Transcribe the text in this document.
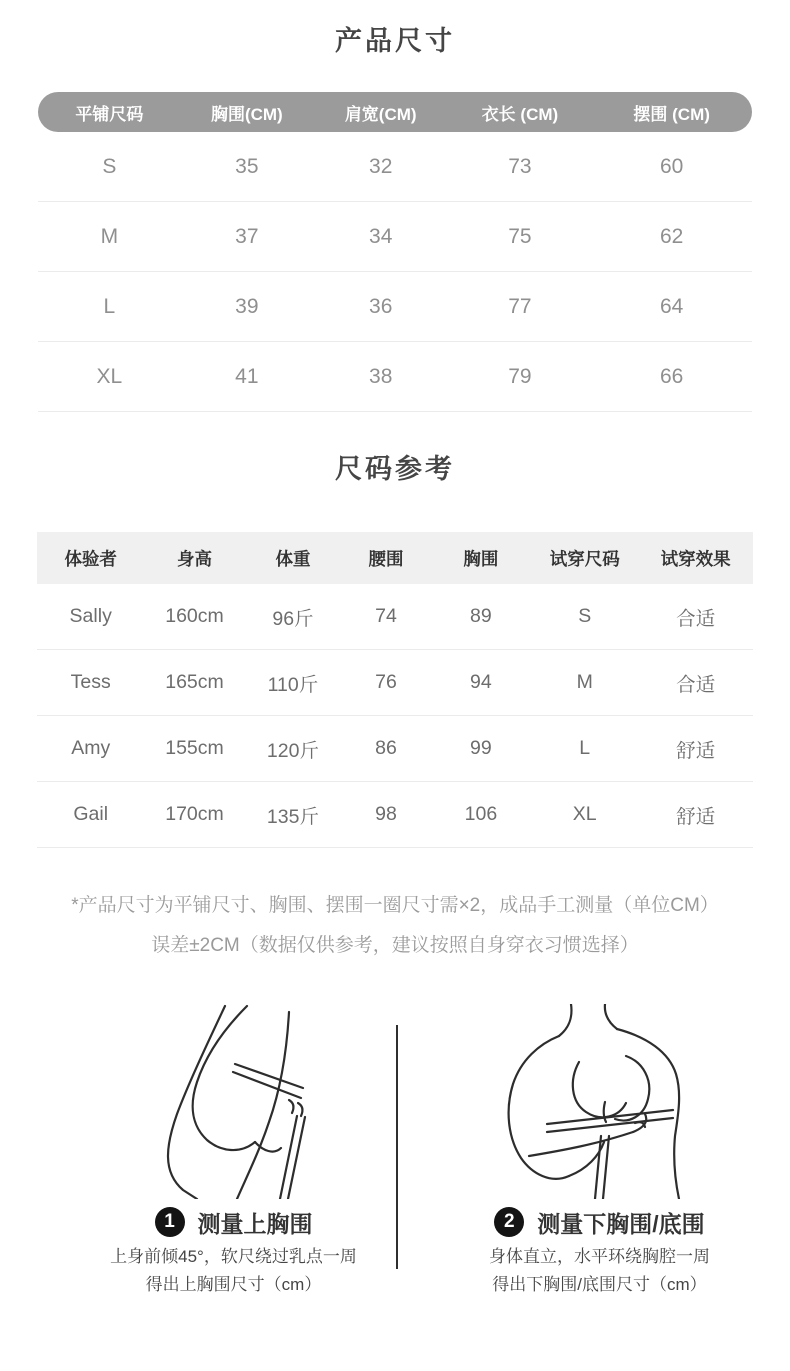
产品尺寸
平铺尺码	胸围(CM)	肩宽(CM)	衣长 (CM)	摆围 (CM)
S	35	32	73	60
M	37	34	75	62
L	39	36	77	64
XL	41	38	79	66
尺码参考
体验者	身高	体重	腰围	胸围	试穿尺码	试穿效果
Sally	160cm	96斤	74	89	S	合适
Tess	165cm	110斤	76	94	M	合适
Amy	155cm	120斤	86	99	L	舒适
Gail	170cm	135斤	98	106	XL	舒适
*产品尺寸为平铺尺寸、胸围、摆围一圈尺寸需×2，成品手工测量（单位CM）
误差±2CM（数据仅供参考，建议按照自身穿衣习惯选择）
1 测量上胸围
上身前倾45°，软尺绕过乳点一周
得出上胸围尺寸（cm）
2 测量下胸围/底围
身体直立，水平环绕胸腔一周
得出下胸围/底围尺寸（cm）
